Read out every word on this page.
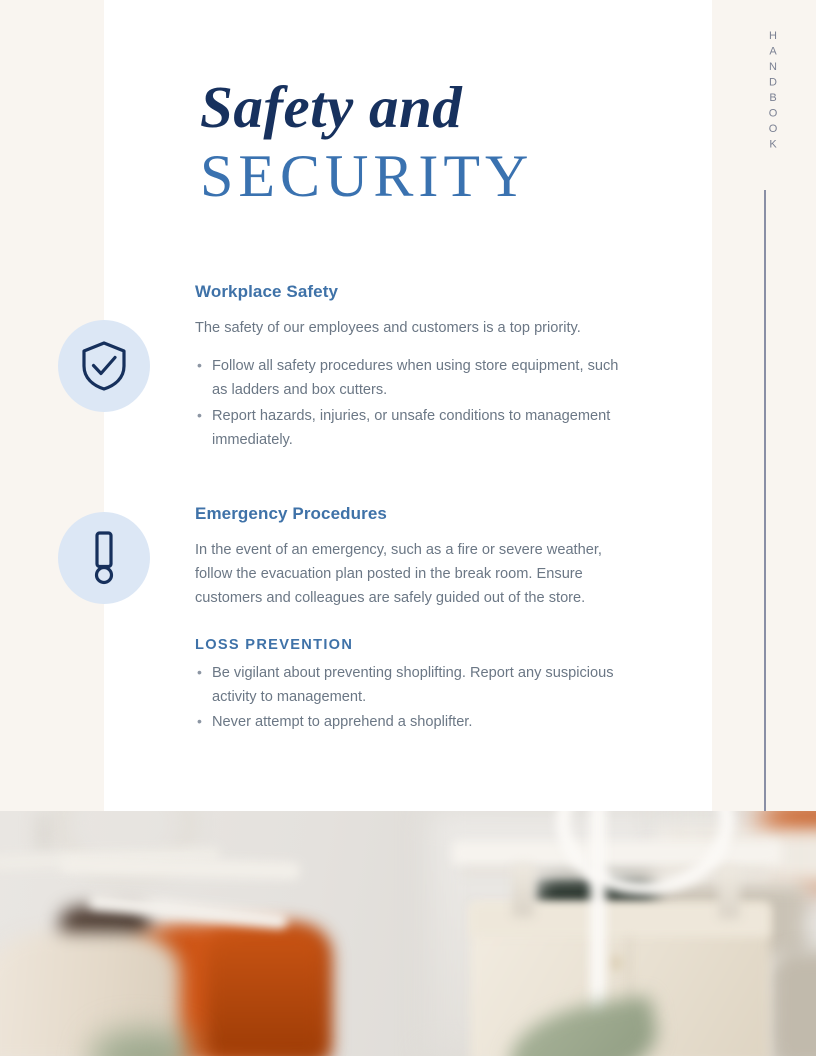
HANDBOOK
Safety and
SECURITY
Workplace Safety

The safety of our employees and customers is a top priority.

• Follow all safety procedures when using store equipment, such as ladders and box cutters.
• Report hazards, injuries, or unsafe conditions to management immediately.
Emergency Procedures

In the event of an emergency, such as a fire or severe weather, follow the evacuation plan posted in the break room. Ensure customers and colleagues are safely guided out of the store.

LOSS PREVENTION
• Be vigilant about preventing shoplifting. Report any suspicious activity to management.
• Never attempt to apprehend a shoplifter.
